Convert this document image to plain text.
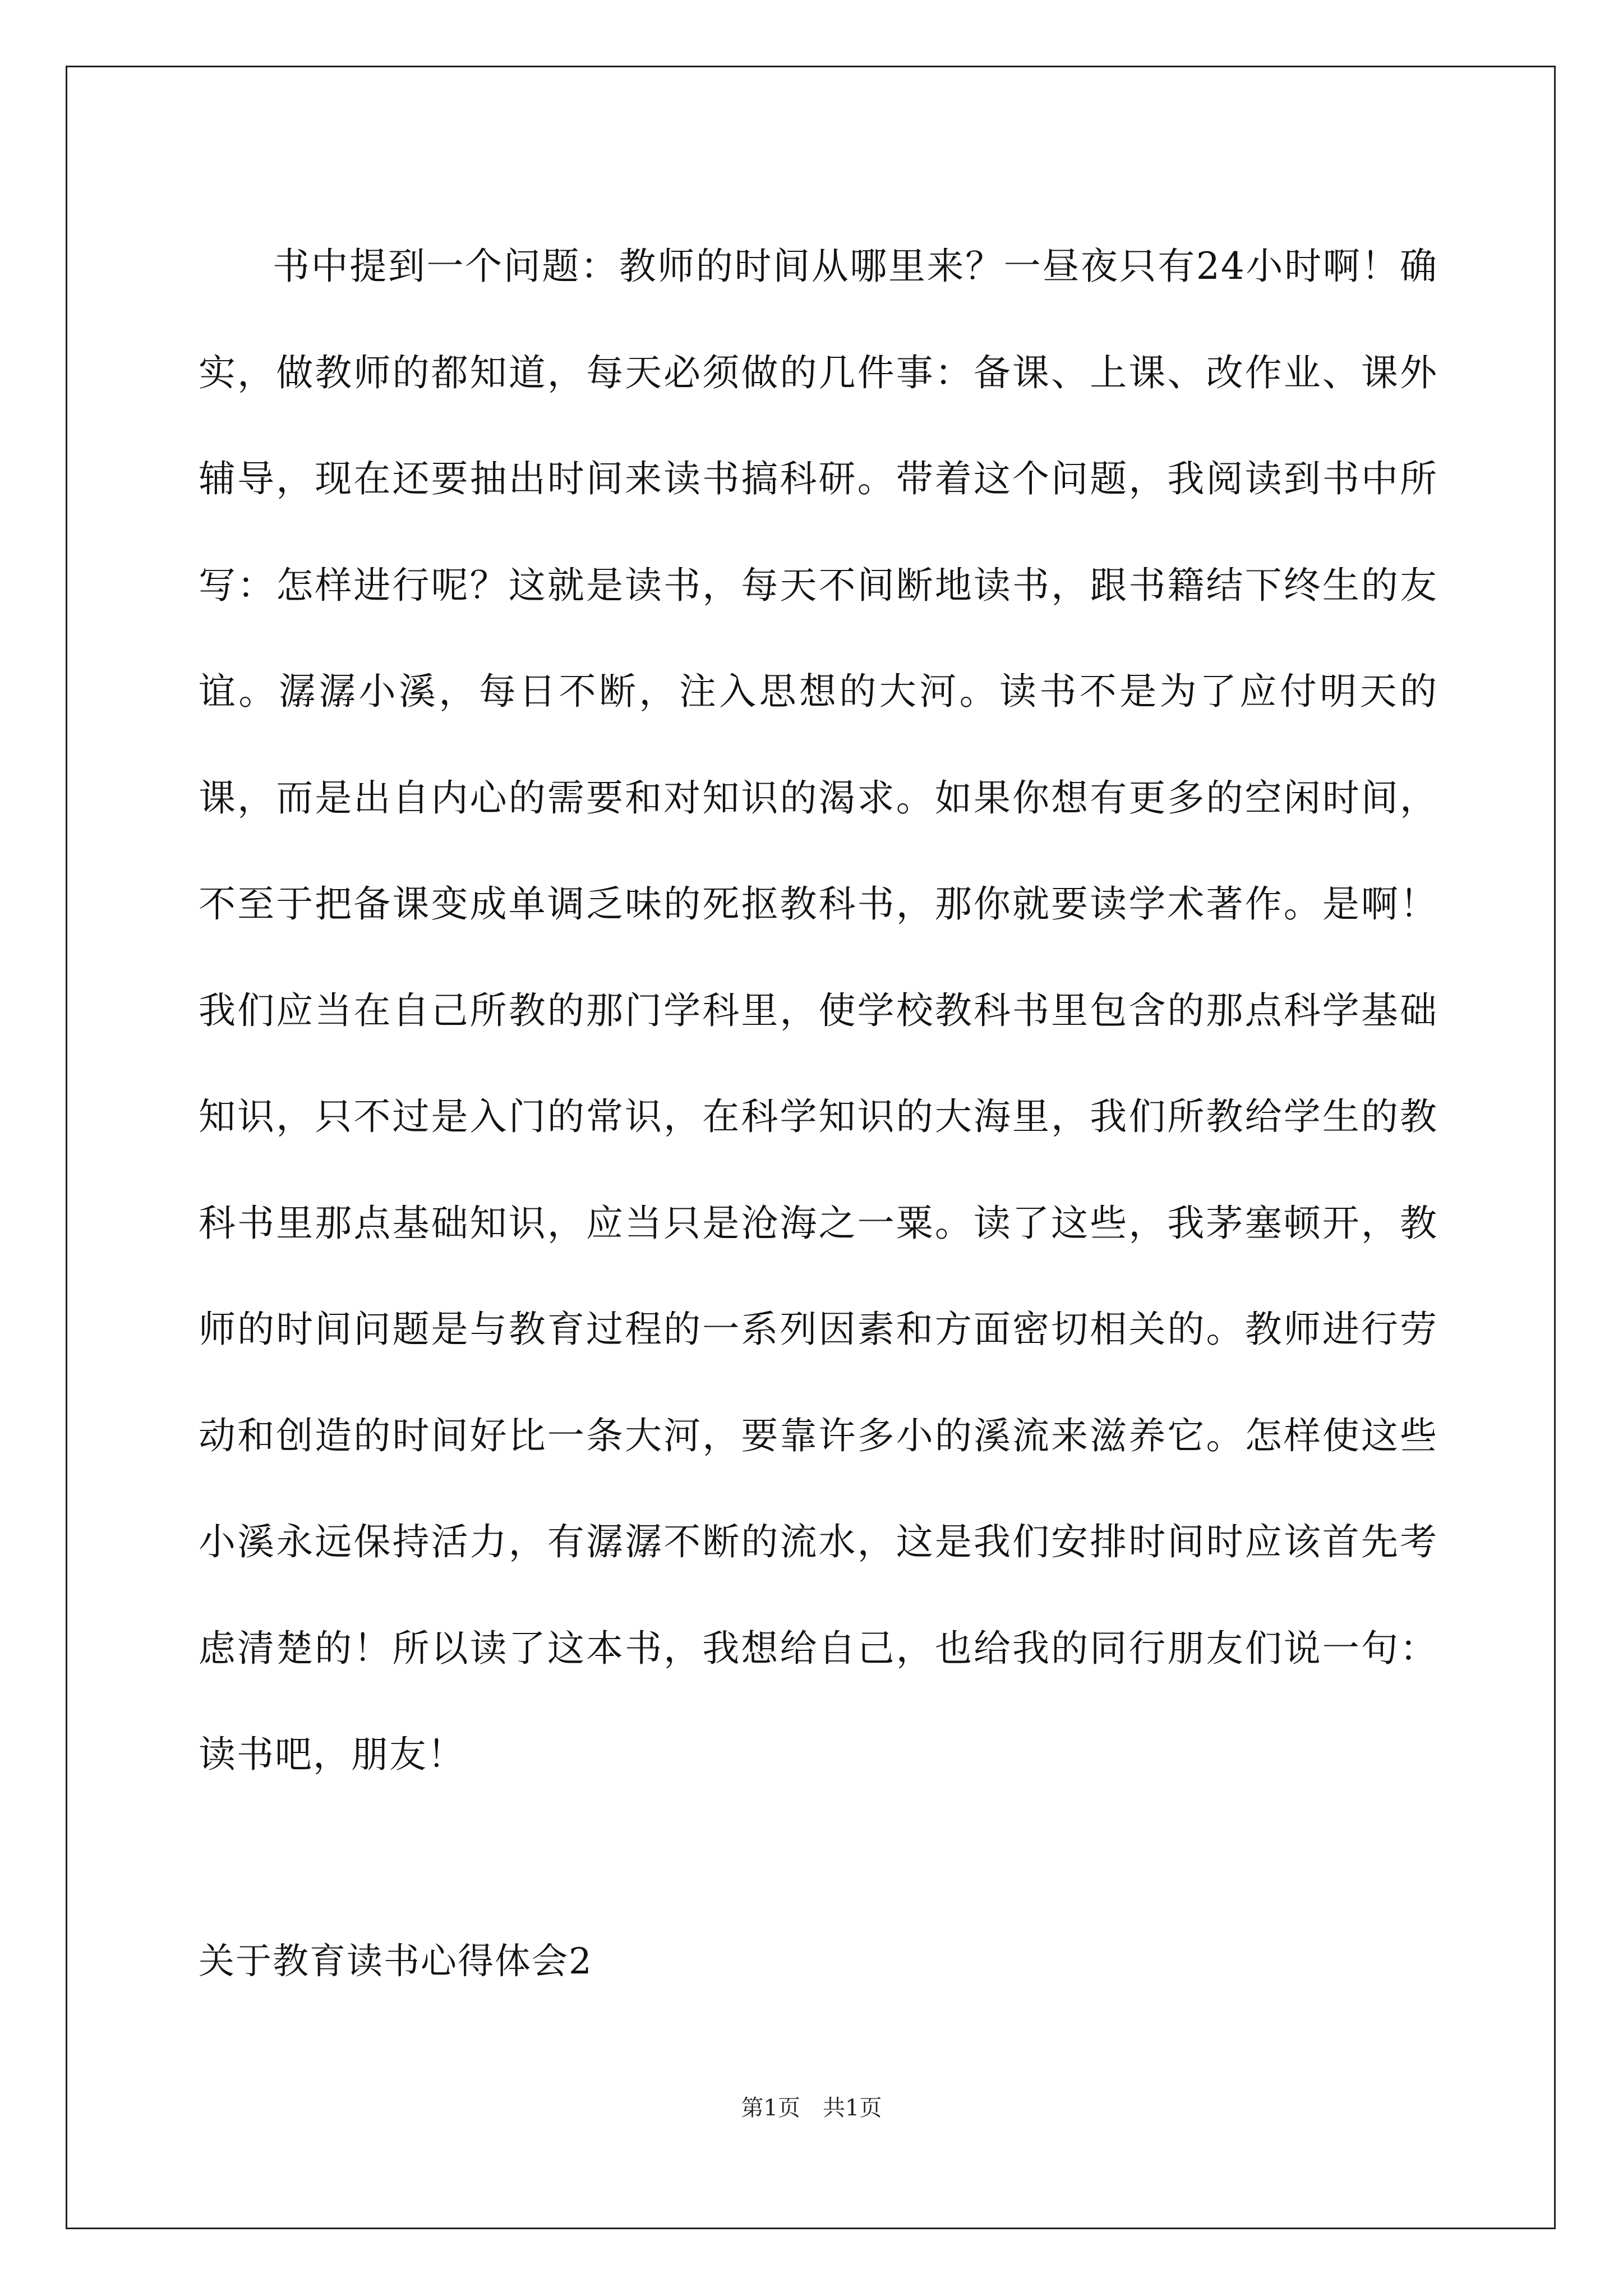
书中提到一个问题：教师的时间从哪里来？一昼夜只有24小时啊！确实，做教师的都知道，每天必须做的几件事：备课、上课、改作业、课外辅导，现在还要抽出时间来读书搞科研。带着这个问题，我阅读到书中所写：怎样进行呢？这就是读书，每天不间断地读书，跟书籍结下终生的友谊。潺潺小溪，每日不断，注入思想的大河。读书不是为了应付明天的课，而是出自内心的需要和对知识的渴求。如果你想有更多的空闲时间，不至于把备课变成单调乏味的死抠教科书，那你就要读学术著作。是啊！我们应当在自己所教的那门学科里，使学校教科书里包含的那点科学基础知识，只不过是入门的常识，在科学知识的大海里，我们所教给学生的教科书里那点基础知识，应当只是沧海之一粟。读了这些，我茅塞顿开，教师的时间问题是与教育过程的一系列因素和方面密切相关的。教师进行劳动和创造的时间好比一条大河，要靠许多小的溪流来滋养它。怎样使这些小溪永远保持活力，有潺潺不断的流水，这是我们安排时间时应该首先考虑清楚的！所以读了这本书，我想给自己，也给我的同行朋友们说一句：读书吧，朋友！

关于教育读书心得体会2
第1页　共1页
